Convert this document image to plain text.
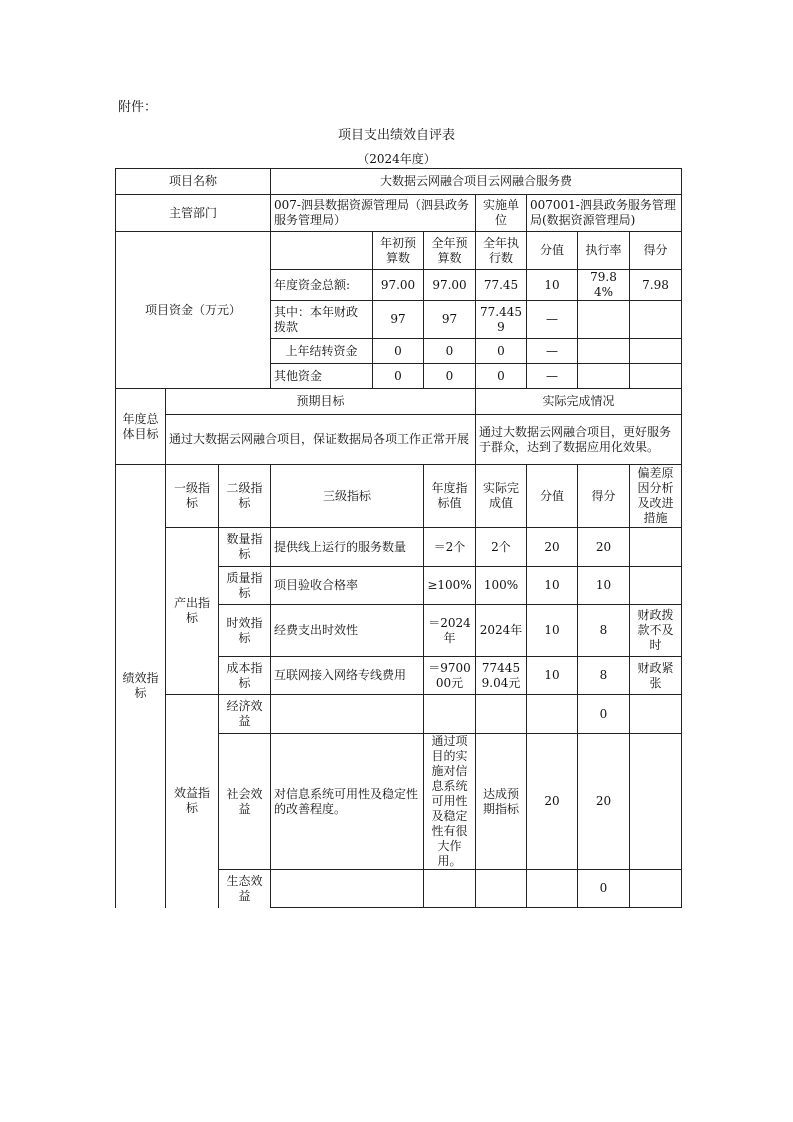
附件：
项目支出绩效自评表
（2024年度）
项目名称			大数据云网融合项目云网融合服务费						
主管部门			007-泗县数据资源管理局（泗县政务服务管理局）			实施单位	007001-泗县政务服务管理局(数据资源管理局)		
项目资金（万元）				年初预算数	全年预算数	全年执行数	分值	执行率	得分
			年度资金总额:	97.00	97.00	77.45	10	79.84%	7.98
			其中：本年财政拨款	97	97	77.4459	—		
			上年结转资金	0	0	0	—		
			其他资金	0	0	0	—		
年度总体目标	预期目标					实际完成情况			
	通过大数据云网融合项目，保证数据局各项工作正常开展					通过大数据云网融合项目，更好服务于群众，达到了数据应用化效果。			
绩效指标	一级指标	二级指标	三级指标		年度指标值	实际完成值	分值	得分	偏差原因分析及改进措施
	产出指标	数量指标	提供线上运行的服务数量		＝2个	2个	20	20	
		质量指标	项目验收合格率		≥100%	100%	10	10	
		时效指标	经费支出时效性		＝2024年	2024年	10	8	财政拨款不及时
		成本指标	互联网接入网络专线费用		＝970000元	774459.04元	10	8	财政紧张
	效益指标	经济效益						0	
		社会效益	对信息系统可用性及稳定性的改善程度。		通过项目的实施对信息系统可用性及稳定性有很大作用。	达成预期指标	20	20	
		生态效益						0	
